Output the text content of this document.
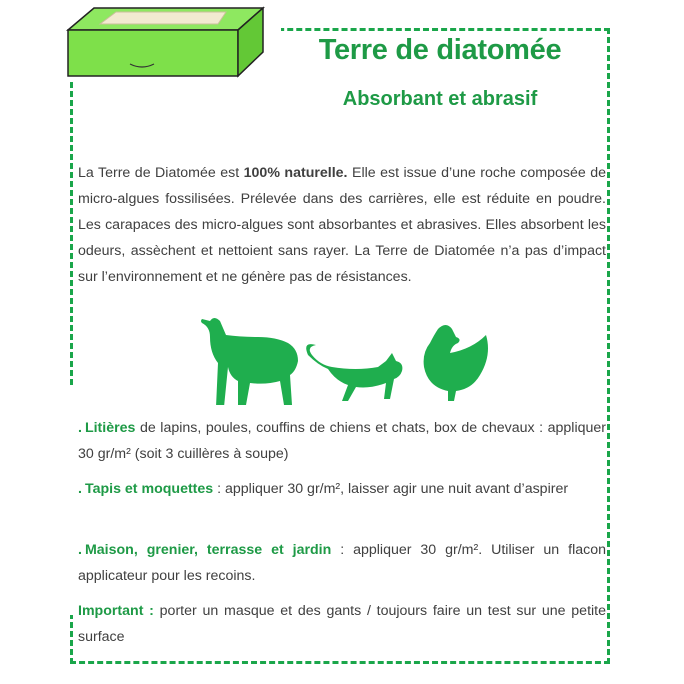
Terre de diatomée
Absorbant et abrasif
La Terre de Diatomée est 100% naturelle. Elle est issue d’une roche composée de micro-algues fossilisées. Prélevée dans des carrières, elle est réduite en poudre. Les carapaces des micro-algues sont absorbantes et abrasives. Elles absorbent les odeurs, assèchent et nettoient sans rayer. La Terre de Diatomée n’a pas d’impact sur l’environnement et ne génère pas de résistances.
. Litières de lapins, poules, couffins de chiens et chats, box de chevaux : appliquer 30 gr/m² (soit 3 cuillères à soupe)
. Tapis et moquettes : appliquer 30 gr/m², laisser agir une nuit avant d’aspirer
. Maison, grenier, terrasse et jardin : appliquer 30 gr/m². Utiliser un flacon applicateur pour les recoins.
Important : porter un masque et des gants / toujours faire un test sur une petite surface
